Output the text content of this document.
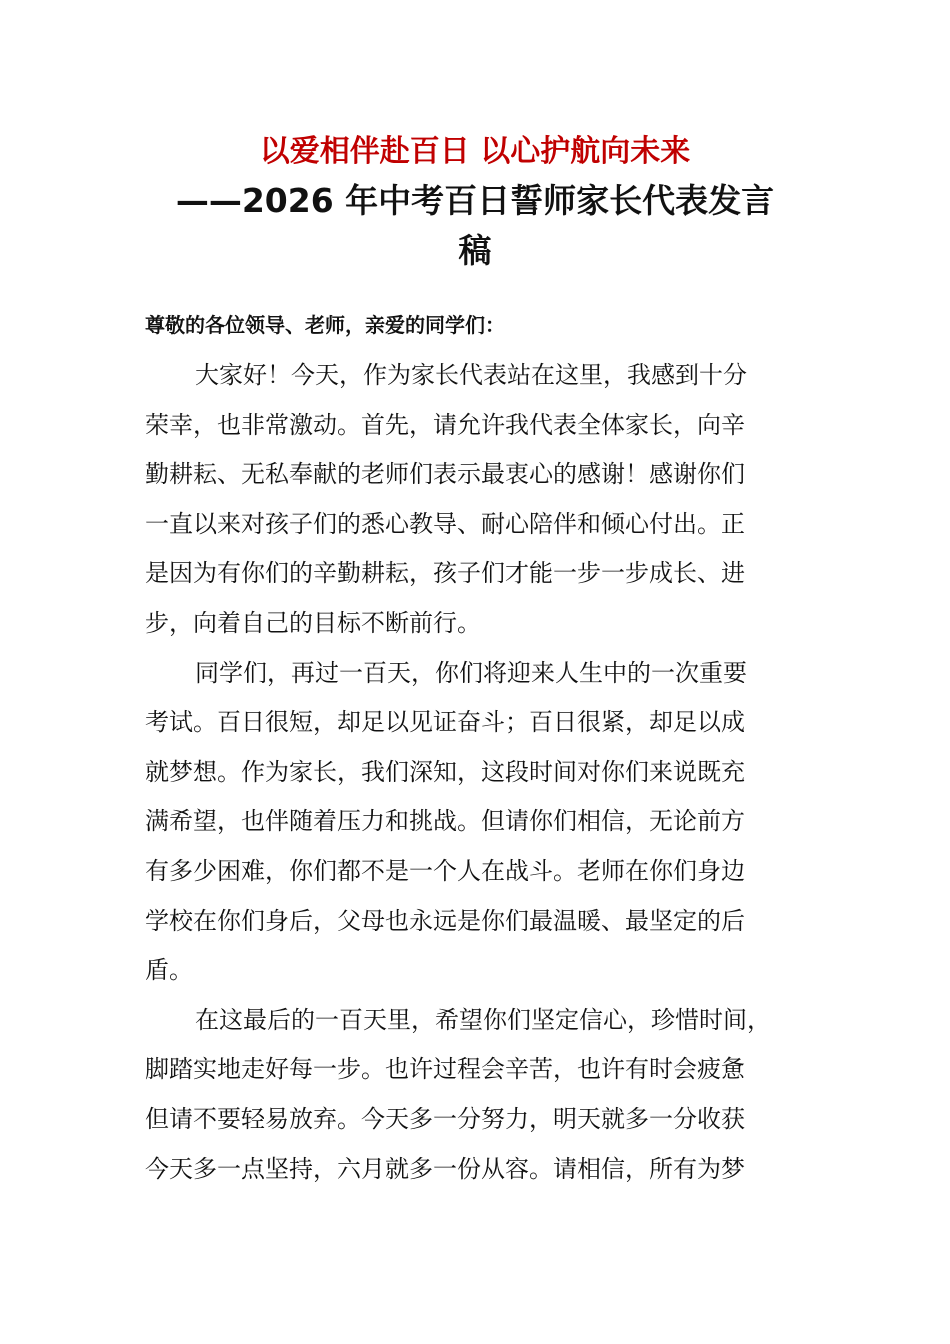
以爱相伴赴百日 以心护航向未来
——2026 年中考百日誓师家长代表发言
稿
尊敬的各位领导、老师，亲爱的同学们：
大家好！今天，作为家长代表站在这里，我感到十分
荣幸，也非常激动。首先，请允许我代表全体家长，向辛
勤耕耘、无私奉献的老师们表示最衷心的感谢！感谢你们
一直以来对孩子们的悉心教导、耐心陪伴和倾心付出。正
是因为有你们的辛勤耕耘，孩子们才能一步一步成长、进
步，向着自己的目标不断前行。
同学们，再过一百天，你们将迎来人生中的一次重要
考试。百日很短，却足以见证奋斗；百日很紧，却足以成
就梦想。作为家长，我们深知，这段时间对你们来说既充
满希望，也伴随着压力和挑战。但请你们相信，无论前方
有多少困难，你们都不是一个人在战斗。老师在你们身边
学校在你们身后，父母也永远是你们最温暖、最坚定的后
盾。
在这最后的一百天里，希望你们坚定信心，珍惜时间，
脚踏实地走好每一步。也许过程会辛苦，也许有时会疲惫
但请不要轻易放弃。今天多一分努力，明天就多一分收获
今天多一点坚持，六月就多一份从容。请相信，所有为梦
